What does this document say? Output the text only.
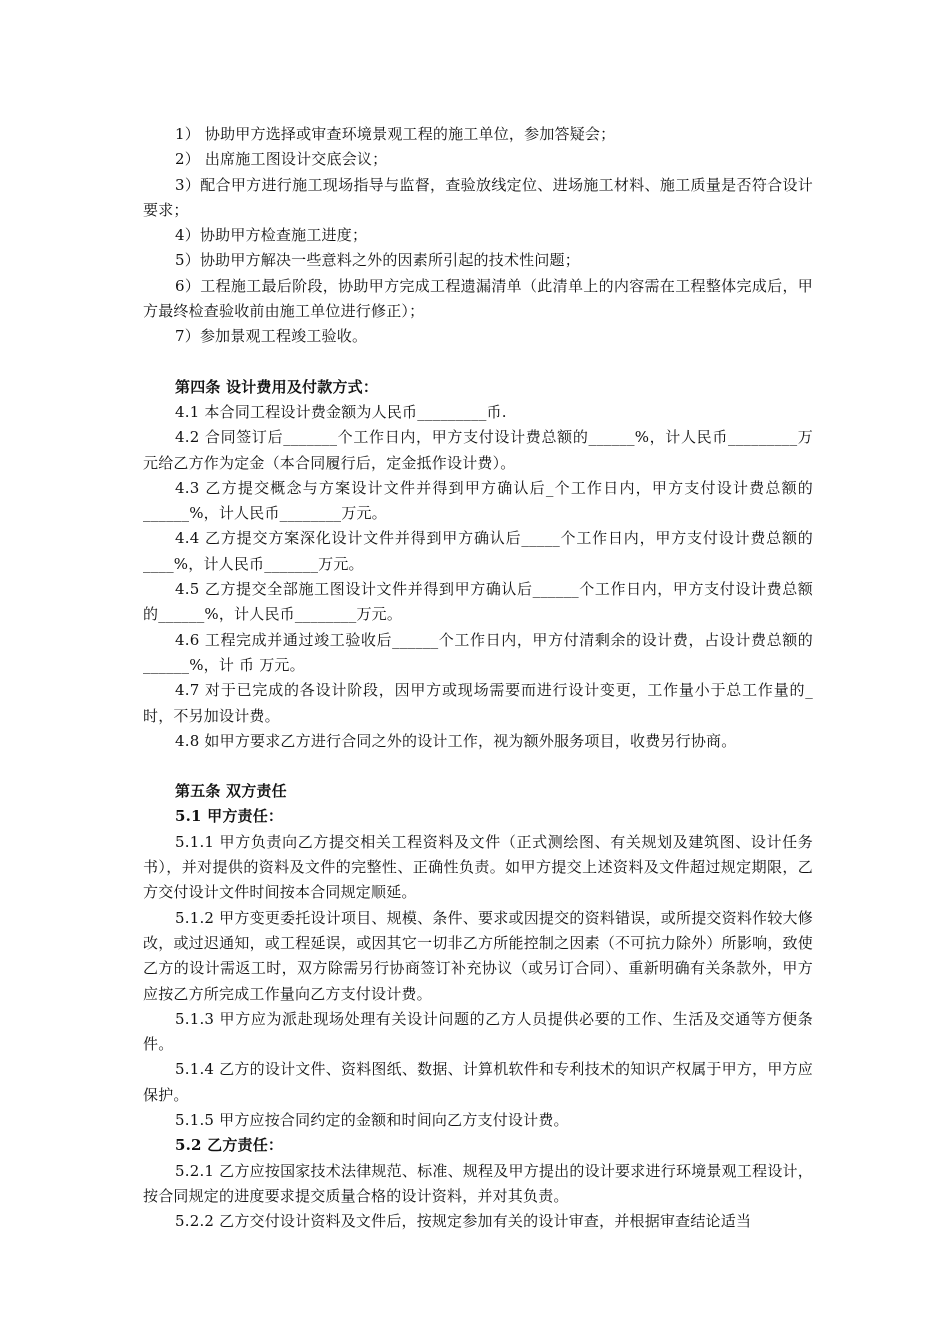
1） 协助甲方选择或审查环境景观工程的施工单位，参加答疑会；

2） 出席施工图设计交底会议；

3）配合甲方进行施工现场指导与监督，查验放线定位、进场施工材料、施工质量是否符合设计要求；

4）协助甲方检查施工进度；

5）协助甲方解决一些意料之外的因素所引起的技术性问题；

6）工程施工最后阶段，协助甲方完成工程遗漏清单（此清单上的内容需在工程整体完成后，甲方最终检查验收前由施工单位进行修正）；

7）参加景观工程竣工验收。

第四条 设计费用及付款方式：

4.1 本合同工程设计费金额为人民币_________币.

4.2 合同签订后_______个工作日内，甲方支付设计费总额的______%，计人民币_________万元给乙方作为定金（本合同履行后，定金抵作设计费）。

4.3 乙方提交概念与方案设计文件并得到甲方确认后_个工作日内，甲方支付设计费总额的______%，计人民币________万元。

4.4 乙方提交方案深化设计文件并得到甲方确认后_____个工作日内，甲方支付设计费总额的____%，计人民币_______万元。

4.5 乙方提交全部施工图设计文件并得到甲方确认后______个工作日内，甲方支付设计费总额的______%，计人民币________万元。

4.6 工程完成并通过竣工验收后______个工作日内，甲方付清剩余的设计费，占设计费总额的______%，计 币 万元。

4.7 对于已完成的各设计阶段，因甲方或现场需要而进行设计变更，工作量小于总工作量的_时，不另加设计费。

4.8 如甲方要求乙方进行合同之外的设计工作，视为额外服务项目，收费另行协商。

第五条 双方责任

5.1 甲方责任：

5.1.1 甲方负责向乙方提交相关工程资料及文件（正式测绘图、有关规划及建筑图、设计任务书），并对提供的资料及文件的完整性、正确性负责。如甲方提交上述资料及文件超过规定期限，乙方交付设计文件时间按本合同规定顺延。

5.1.2 甲方变更委托设计项目、规模、条件、要求或因提交的资料错误，或所提交资料作较大修改，或过迟通知，或工程延误，或因其它一切非乙方所能控制之因素（不可抗力除外）所影响，致使乙方的设计需返工时，双方除需另行协商签订补充协议（或另订合同）、重新明确有关条款外，甲方应按乙方所完成工作量向乙方支付设计费。

5.1.3 甲方应为派赴现场处理有关设计问题的乙方人员提供必要的工作、生活及交通等方便条件。

5.1.4 乙方的设计文件、资料图纸、数据、计算机软件和专利技术的知识产权属于甲方，甲方应保护。

5.1.5 甲方应按合同约定的金额和时间向乙方支付设计费。

5.2 乙方责任：

5.2.1 乙方应按国家技术法律规范、标准、规程及甲方提出的设计要求进行环境景观工程设计，按合同规定的进度要求提交质量合格的设计资料，并对其负责。

5.2.2 乙方交付设计资料及文件后，按规定参加有关的设计审查，并根据审查结论适当
